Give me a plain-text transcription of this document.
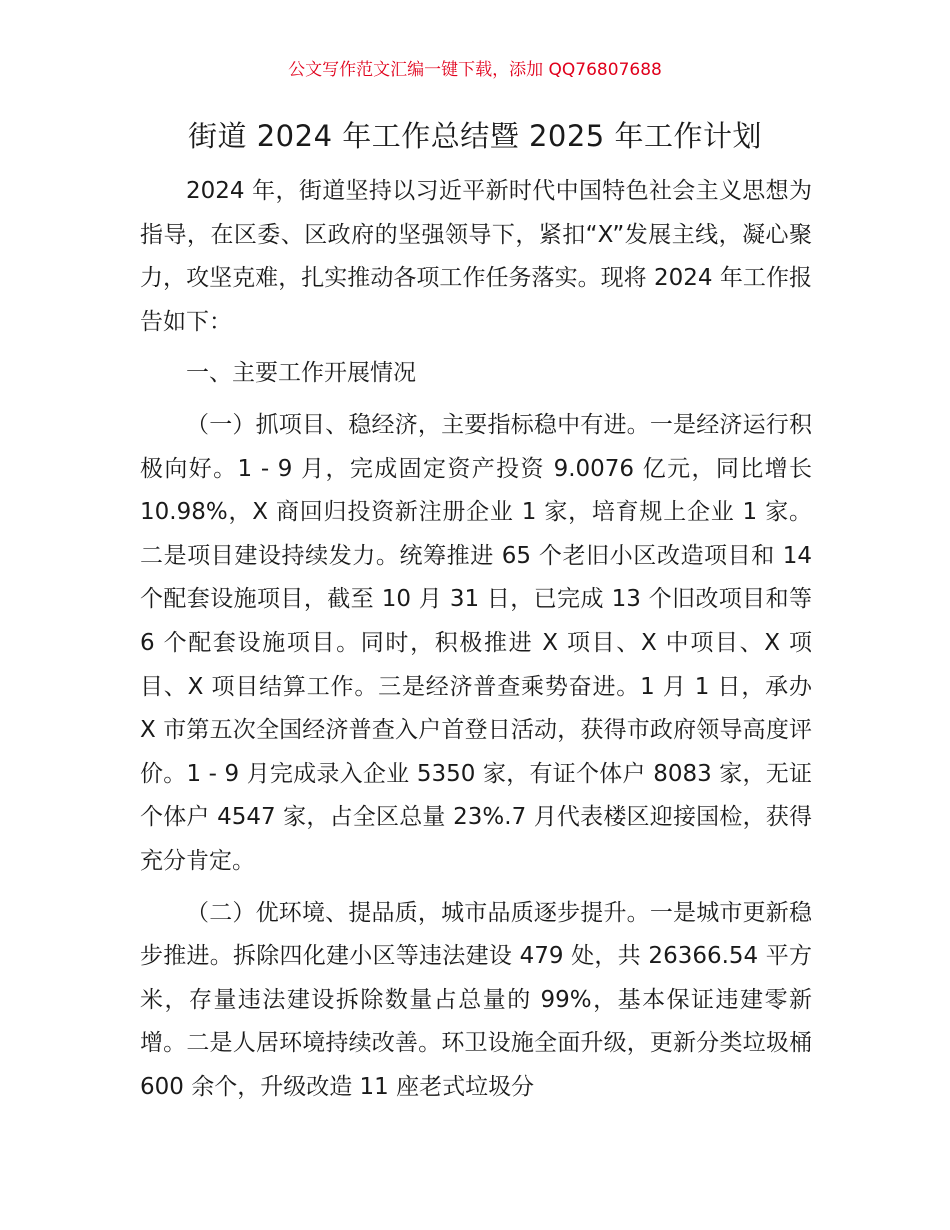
公文写作范文汇编一键下载，添加 QQ76807688
街道 2024 年工作总结暨 2025 年工作计划

2024 年，街道坚持以习近平新时代中国特色社会主义思想为指导，在区委、区政府的坚强领导下，紧扣“X”发展主线，凝心聚力，攻坚克难，扎实推动各项工作任务落实。现将 2024 年工作报告如下：

一、主要工作开展情况

（一）抓项目、稳经济，主要指标稳中有进。一是经济运行积极向好。1 - 9 月，完成固定资产投资 9.0076 亿元，同比增长 10.98%，X 商回归投资新注册企业 1 家，培育规上企业 1 家。二是项目建设持续发力。统筹推进 65 个老旧小区改造项目和 14 个配套设施项目，截至 10 月 31 日，已完成 13 个旧改项目和等 6 个配套设施项目。同时，积极推进 X 项目、X 中项目、X 项目、X 项目结算工作。三是经济普查乘势奋进。1 月 1 日，承办 X 市第五次全国经济普查入户首登日活动，获得市政府领导高度评价。1 - 9 月完成录入企业 5350 家，有证个体户 8083 家，无证个体户 4547 家，占全区总量 23%.7 月代表楼区迎接国检，获得充分肯定。

（二）优环境、提品质，城市品质逐步提升。一是城市更新稳步推进。拆除四化建小区等违法建设 479 处，共 26366.54 平方米，存量违法建设拆除数量占总量的 99%，基本保证违建零新增。二是人居环境持续改善。环卫设施全面升级，更新分类垃圾桶 600 余个，升级改造 11 座老式垃圾分
